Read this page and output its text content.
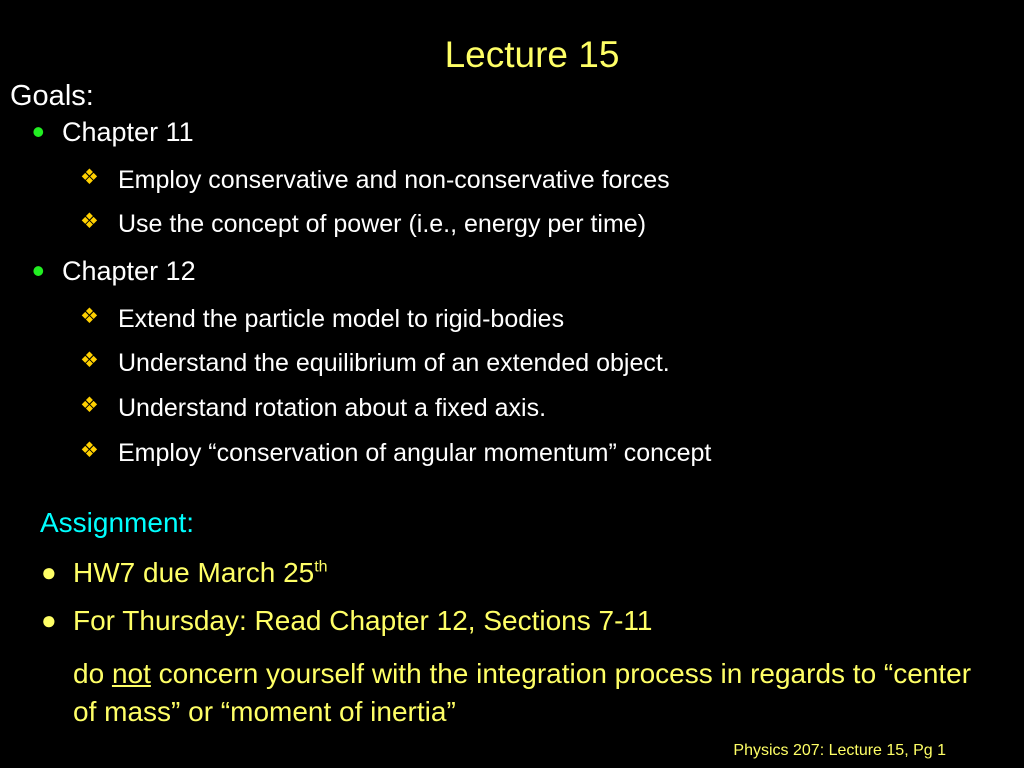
Lecture 15
Goals:
• Chapter 11
❖ Employ conservative and non-conservative forces
❖ Use the concept of power (i.e., energy per time)
• Chapter 12
❖ Extend the particle model to rigid-bodies
❖ Understand the equilibrium of an extended object.
❖ Understand rotation about a fixed axis.
❖ Employ “conservation of angular momentum” concept
Assignment:
● HW7 due March 25th
● For Thursday: Read Chapter 12, Sections 7-11
do not concern yourself with the integration process in regards to “center of mass” or “moment of inertia”
Physics 207: Lecture 15, Pg 1
